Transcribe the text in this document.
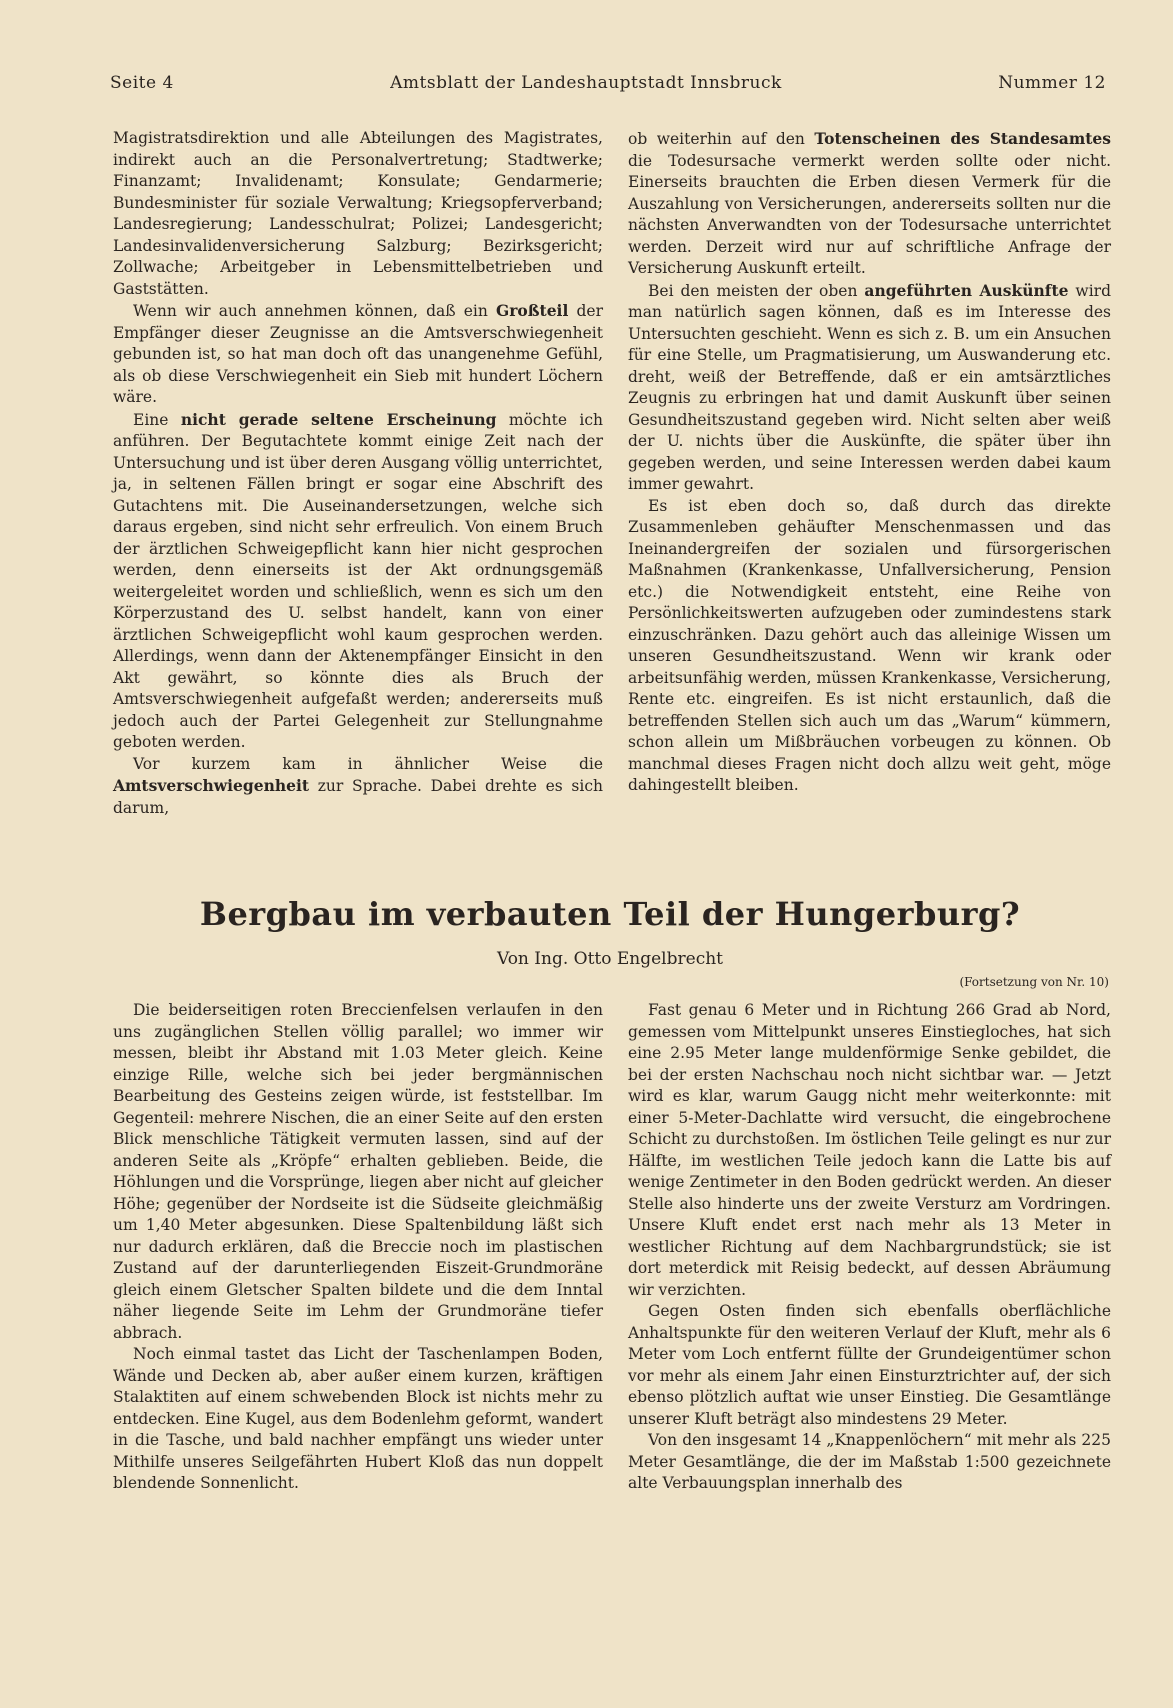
Seite 4	Amtsblatt der Landeshauptstadt Innsbruck	Nummer 12

Magistratsdirektion und alle Abteilungen des Magistrates, indirekt auch an die Personalvertretung; Stadtwerke; Finanzamt; Invalidenamt; Konsulate; Gendarmerie; Bundesminister für soziale Verwaltung; Kriegsopferverband; Landesregierung; Landesschulrat; Polizei; Landesgericht; Landesinvalidenversicherung Salzburg; Bezirksgericht; Zollwache; Arbeitgeber in Lebensmittelbetrieben und Gaststätten.

Wenn wir auch annehmen können, daß ein Großteil der Empfänger dieser Zeugnisse an die Amtsverschwiegenheit gebunden ist, so hat man doch oft das unangenehme Gefühl, als ob diese Verschwiegenheit ein Sieb mit hundert Löchern wäre.

Eine nicht gerade seltene Erscheinung möchte ich anführen. Der Begutachtete kommt einige Zeit nach der Untersuchung und ist über deren Ausgang völlig unterrichtet, ja, in seltenen Fällen bringt er sogar eine Abschrift des Gutachtens mit. Die Auseinandersetzungen, welche sich daraus ergeben, sind nicht sehr erfreulich. Von einem Bruch der ärztlichen Schweigepflicht kann hier nicht gesprochen werden, denn einerseits ist der Akt ordnungsgemäß weitergeleitet worden und schließlich, wenn es sich um den Körperzustand des U. selbst handelt, kann von einer ärztlichen Schweigepflicht wohl kaum gesprochen werden. Allerdings, wenn dann der Aktenempfänger Einsicht in den Akt gewährt, so könnte dies als Bruch der Amtsverschwiegenheit aufgefaßt werden; andererseits muß jedoch auch der Partei Gelegenheit zur Stellungnahme geboten werden.

Vor kurzem kam in ähnlicher Weise die Amtsverschwiegenheit zur Sprache. Dabei drehte es sich darum,

ob weiterhin auf den Totenscheinen des Standesamtes die Todesursache vermerkt werden sollte oder nicht. Einerseits brauchten die Erben diesen Vermerk für die Auszahlung von Versicherungen, andererseits sollten nur die nächsten Anverwandten von der Todesursache unterrichtet werden. Derzeit wird nur auf schriftliche Anfrage der Versicherung Auskunft erteilt.

Bei den meisten der oben angeführten Auskünfte wird man natürlich sagen können, daß es im Interesse des Untersuchten geschieht. Wenn es sich z. B. um ein Ansuchen für eine Stelle, um Pragmatisierung, um Auswanderung etc. dreht, weiß der Betreffende, daß er ein amtsärztliches Zeugnis zu erbringen hat und damit Auskunft über seinen Gesundheitszustand gegeben wird. Nicht selten aber weiß der U. nichts über die Auskünfte, die später über ihn gegeben werden, und seine Interessen werden dabei kaum immer gewahrt.

Es ist eben doch so, daß durch das direkte Zusammenleben gehäufter Menschenmassen und das Ineinandergreifen der sozialen und fürsorgerischen Maßnahmen (Krankenkasse, Unfallversicherung, Pension etc.) die Notwendigkeit entsteht, eine Reihe von Persönlichkeitswerten aufzugeben oder zumindestens stark einzuschränken. Dazu gehört auch das alleinige Wissen um unseren Gesundheitszustand. Wenn wir krank oder arbeitsunfähig werden, müssen Krankenkasse, Versicherung, Rente etc. eingreifen. Es ist nicht erstaunlich, daß die betreffenden Stellen sich auch um das „Warum“ kümmern, schon allein um Mißbräuchen vorbeugen zu können. Ob manchmal dieses Fragen nicht doch allzu weit geht, möge dahingestellt bleiben.

Bergbau im verbauten Teil der Hungerburg?
Von Ing. Otto Engelbrecht
(Fortsetzung von Nr. 10)

Die beiderseitigen roten Breccienfelsen verlaufen in den uns zugänglichen Stellen völlig parallel; wo immer wir messen, bleibt ihr Abstand mit 1.03 Meter gleich. Keine einzige Rille, welche sich bei jeder bergmännischen Bearbeitung des Gesteins zeigen würde, ist feststellbar. Im Gegenteil: mehrere Nischen, die an einer Seite auf den ersten Blick menschliche Tätigkeit vermuten lassen, sind auf der anderen Seite als „Kröpfe“ erhalten geblieben. Beide, die Höhlungen und die Vorsprünge, liegen aber nicht auf gleicher Höhe; gegenüber der Nordseite ist die Südseite gleichmäßig um 1,40 Meter abgesunken. Diese Spaltenbildung läßt sich nur dadurch erklären, daß die Breccie noch im plastischen Zustand auf der darunterliegenden Eiszeit-Grundmoräne gleich einem Gletscher Spalten bildete und die dem Inntal näher liegende Seite im Lehm der Grundmoräne tiefer abbrach.

Noch einmal tastet das Licht der Taschenlampen Boden, Wände und Decken ab, aber außer einem kurzen, kräftigen Stalaktiten auf einem schwebenden Block ist nichts mehr zu entdecken. Eine Kugel, aus dem Bodenlehm geformt, wandert in die Tasche, und bald nachher empfängt uns wieder unter Mithilfe unseres Seilgefährten Hubert Kloß das nun doppelt blendende Sonnenlicht.

Fast genau 6 Meter und in Richtung 266 Grad ab Nord, gemessen vom Mittelpunkt unseres Einstiegloches, hat sich eine 2.95 Meter lange muldenförmige Senke gebildet, die bei der ersten Nachschau noch nicht sichtbar war. — Jetzt wird es klar, warum Gaugg nicht mehr weiterkonnte: mit einer 5-Meter-Dachlatte wird versucht, die eingebrochene Schicht zu durchstoßen. Im östlichen Teile gelingt es nur zur Hälfte, im westlichen Teile jedoch kann die Latte bis auf wenige Zentimeter in den Boden gedrückt werden. An dieser Stelle also hinderte uns der zweite Versturz am Vordringen. Unsere Kluft endet erst nach mehr als 13 Meter in westlicher Richtung auf dem Nachbargrundstück; sie ist dort meterdick mit Reisig bedeckt, auf dessen Abräumung wir verzichten.

Gegen Osten finden sich ebenfalls oberflächliche Anhaltspunkte für den weiteren Verlauf der Kluft, mehr als 6 Meter vom Loch entfernt füllte der Grundeigentümer schon vor mehr als einem Jahr einen Einsturztrichter auf, der sich ebenso plötzlich auftat wie unser Einstieg. Die Gesamtlänge unserer Kluft beträgt also mindestens 29 Meter.

Von den insgesamt 14 „Knappenlöchern“ mit mehr als 225 Meter Gesamtlänge, die der im Maßstab 1:500 gezeichnete alte Verbauungsplan innerhalb des
